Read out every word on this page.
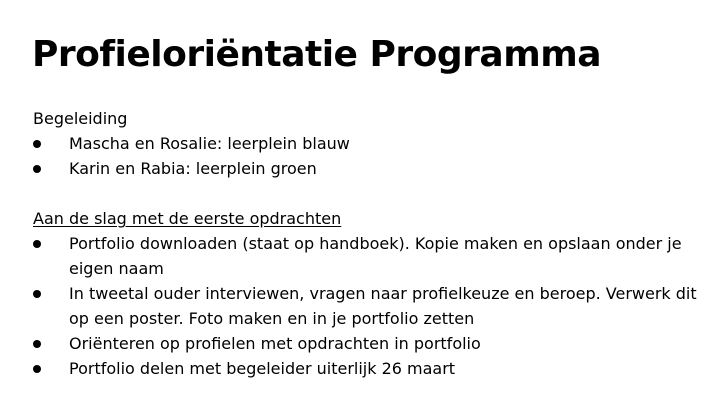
Profieloriëntatie Programma

Begeleiding

Mascha en Rosalie: leerplein blauw
Karin en Rabia: leerplein groen

Aan de slag met de eerste opdrachten

Portfolio downloaden (staat op handboek). Kopie maken en opslaan onder je eigen naam
In tweetal ouder interviewen, vragen naar profielkeuze en beroep. Verwerk dit op een poster. Foto maken en in je portfolio zetten
Oriënteren op profielen met opdrachten in portfolio
Portfolio delen met begeleider uiterlijk 26 maart
